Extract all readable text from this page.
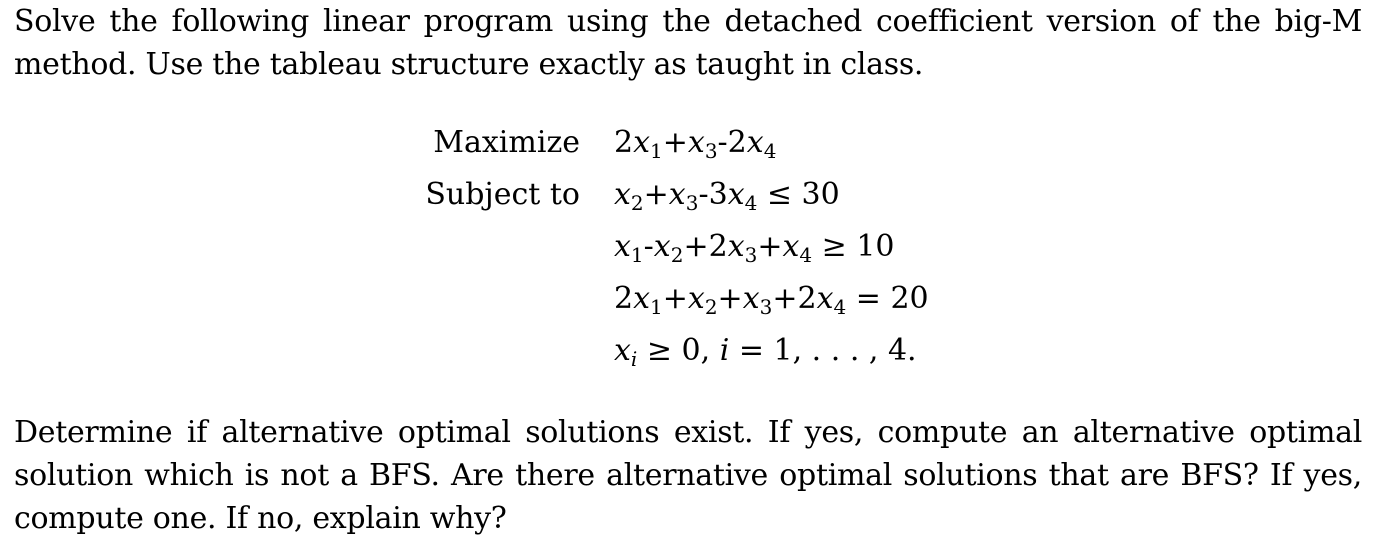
Solve the following linear program using the detached coefficient version of the big-M method. Use the tableau structure exactly as taught in class.
Maximize
Subject to
$2x_1+x_3-2x_4$
$x_2+x_3-3x_4 \le 30$
$x_1-x_2+2x_3+x_4 \ge 10$
$2x_1+x_2+x_3+2x_4 = 20$
$x_i \ge 0$, i = 1, . . . , 4.
Determine if alternative optimal solutions exist. If yes, compute an alternative optimal solution which is not a BFS. Are there alternative optimal solutions that are BFS? If yes, compute one. If no, explain why?
